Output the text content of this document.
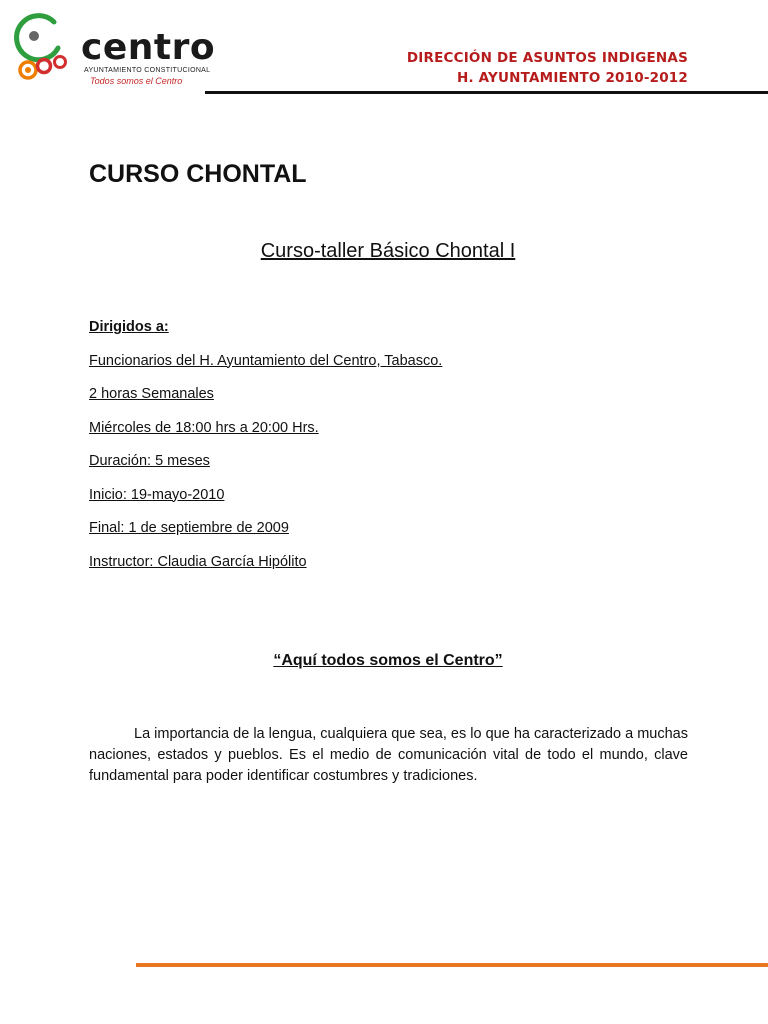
centro
AYUNTAMIENTO CONSTITUCIONAL
Todos somos el Centro
DIRECCIÓN DE ASUNTOS INDIGENAS
H. AYUNTAMIENTO 2010-2012
CURSO CHONTAL
Curso-taller Básico Chontal I
Dirigidos a:
Funcionarios del H. Ayuntamiento del Centro, Tabasco.
2 horas Semanales
Miércoles de 18:00 hrs a 20:00 Hrs.
Duración: 5 meses
Inicio: 19-mayo-2010
Final: 1 de septiembre de 2009
Instructor: Claudia García Hipólito
“Aquí todos somos el Centro”

La importancia de la lengua, cualquiera que sea, es lo que ha caracterizado a muchas naciones, estados y pueblos. Es el medio de comunicación vital de todo el mundo, clave fundamental para poder identificar costumbres y tradiciones.
